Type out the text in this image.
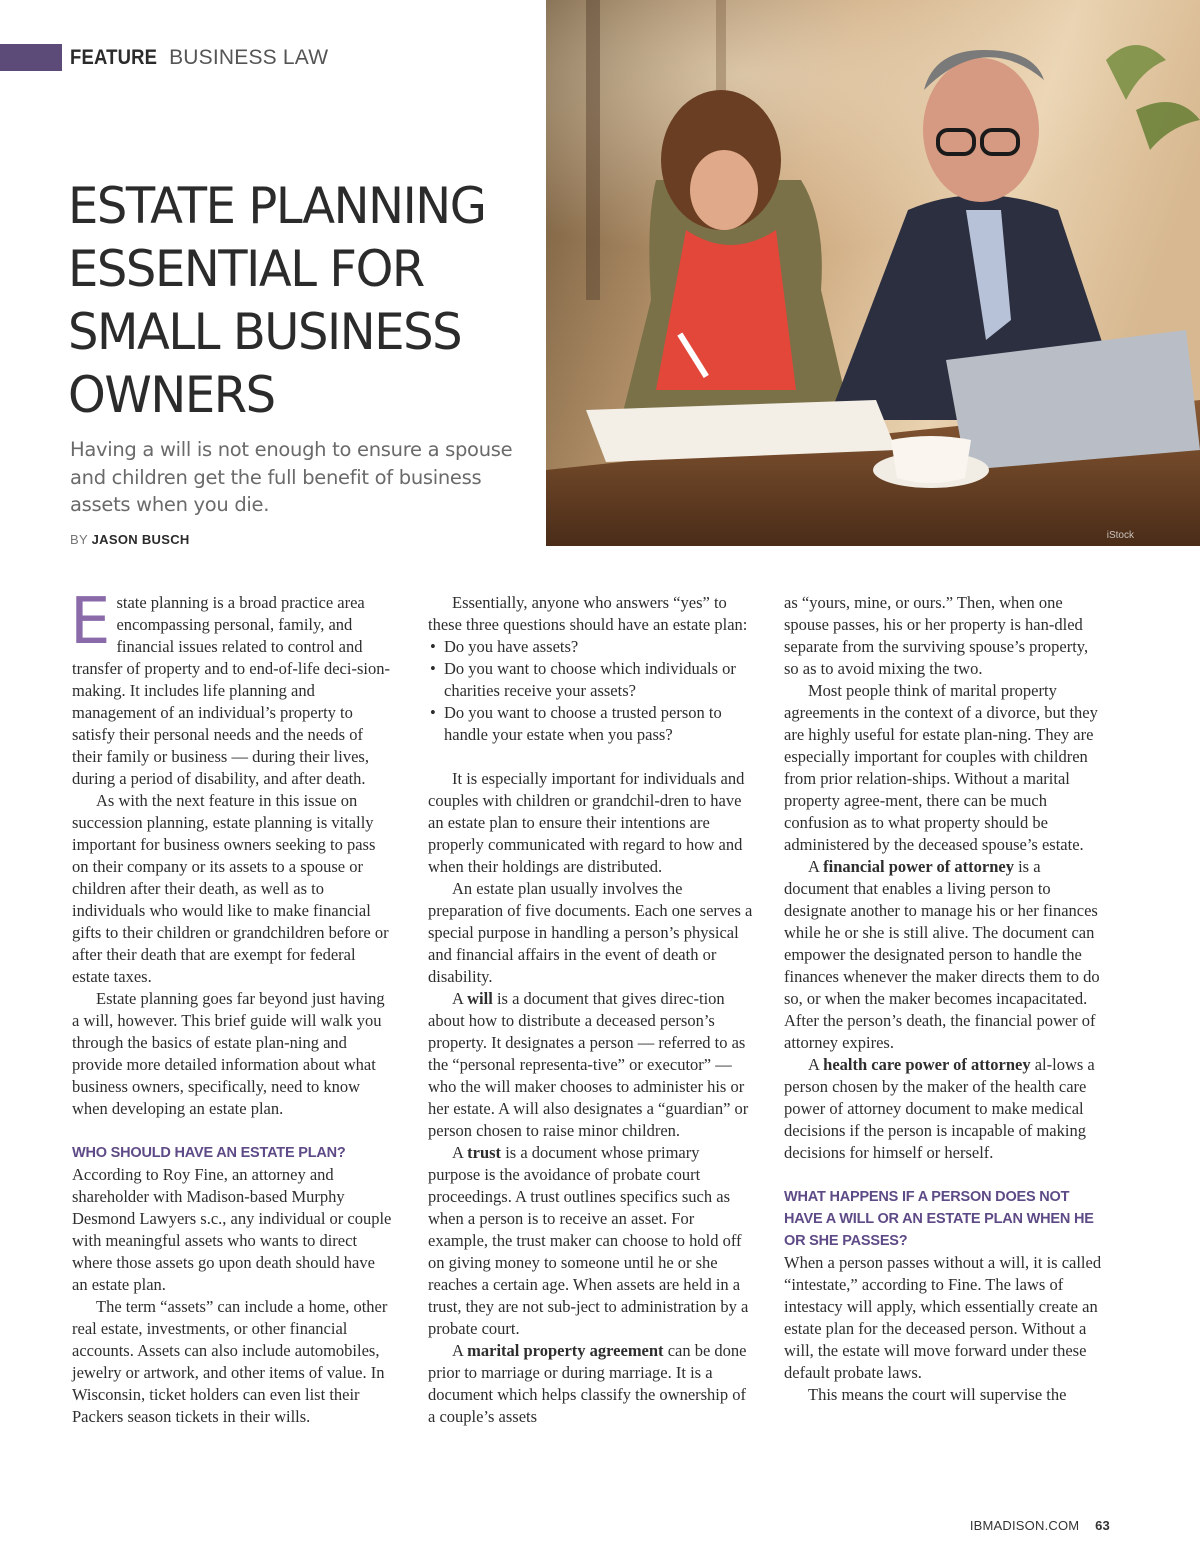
FEATURE BUSINESS LAW
iStock
ESTATE PLANNING
ESSENTIAL FOR
SMALL BUSINESS
OWNERS
Having a will is not enough to ensure a spouse and children get the full benefit of business assets when you die.
BY JASON BUSCH

Estate planning is a broad practice area encompassing personal, family, and financial issues related to control and transfer of property and to end-of-life deci-sion-making. It includes life planning and management of an individual’s property to satisfy their personal needs and the needs of their family or business — during their lives, during a period of disability, and after death.

As with the next feature in this issue on succession planning, estate planning is vitally important for business owners seeking to pass on their company or its assets to a spouse or children after their death, as well as to individuals who would like to make financial gifts to their children or grandchildren before or after their death that are exempt for federal estate taxes.

Estate planning goes far beyond just having a will, however. This brief guide will walk you through the basics of estate plan-ning and provide more detailed information about what business owners, specifically, need to know when developing an estate plan.

WHO SHOULD HAVE AN ESTATE PLAN?

According to Roy Fine, an attorney and shareholder with Madison-based Murphy Desmond Lawyers s.c., any individual or couple with meaningful assets who wants to direct where those assets go upon death should have an estate plan.

The term “assets” can include a home, other real estate, investments, or other financial accounts. Assets can also include automobiles, jewelry or artwork, and other items of value. In Wisconsin, ticket holders can even list their Packers season tickets in their wills.

Essentially, anyone who answers “yes” to these three questions should have an estate plan:

• Do you have assets?
• Do you want to choose which individuals or charities receive your assets?
• Do you want to choose a trusted person to handle your estate when you pass?

It is especially important for individuals and couples with children or grandchil-dren to have an estate plan to ensure their intentions are properly communicated with regard to how and when their holdings are distributed.

An estate plan usually involves the preparation of five documents. Each one serves a special purpose in handling a person’s physical and financial affairs in the event of death or disability.

A will is a document that gives direc-tion about how to distribute a deceased person’s property. It designates a person — referred to as the “personal representa-tive” or executor” — who the will maker chooses to administer his or her estate. A will also designates a “guardian” or person chosen to raise minor children.

A trust is a document whose primary purpose is the avoidance of probate court proceedings. A trust outlines specifics such as when a person is to receive an asset. For example, the trust maker can choose to hold off on giving money to someone until he or she reaches a certain age. When assets are held in a trust, they are not sub-ject to administration by a probate court.

A marital property agreement can be done prior to marriage or during marriage. It is a document which helps classify the ownership of a couple’s assets

as “yours, mine, or ours.” Then, when one spouse passes, his or her property is han-dled separate from the surviving spouse’s property, so as to avoid mixing the two.

Most people think of marital property agreements in the context of a divorce, but they are highly useful for estate plan-ning. They are especially important for couples with children from prior relation-ships. Without a marital property agree-ment, there can be much confusion as to what property should be administered by the deceased spouse’s estate.

A financial power of attorney is a document that enables a living person to designate another to manage his or her finances while he or she is still alive. The document can empower the designated person to handle the finances whenever the maker directs them to do so, or when the maker becomes incapacitated. After the person’s death, the financial power of attorney expires.

A health care power of attorney al-lows a person chosen by the maker of the health care power of attorney document to make medical decisions if the person is incapable of making decisions for himself or herself.

WHAT HAPPENS IF A PERSON DOES NOT HAVE A WILL OR AN ESTATE PLAN WHEN HE OR SHE PASSES?

When a person passes without a will, it is called “intestate,” according to Fine. The laws of intestacy will apply, which essentially create an estate plan for the deceased person. Without a will, the estate will move forward under these default probate laws.

This means the court will supervise the

IBMADISON.COM 63
